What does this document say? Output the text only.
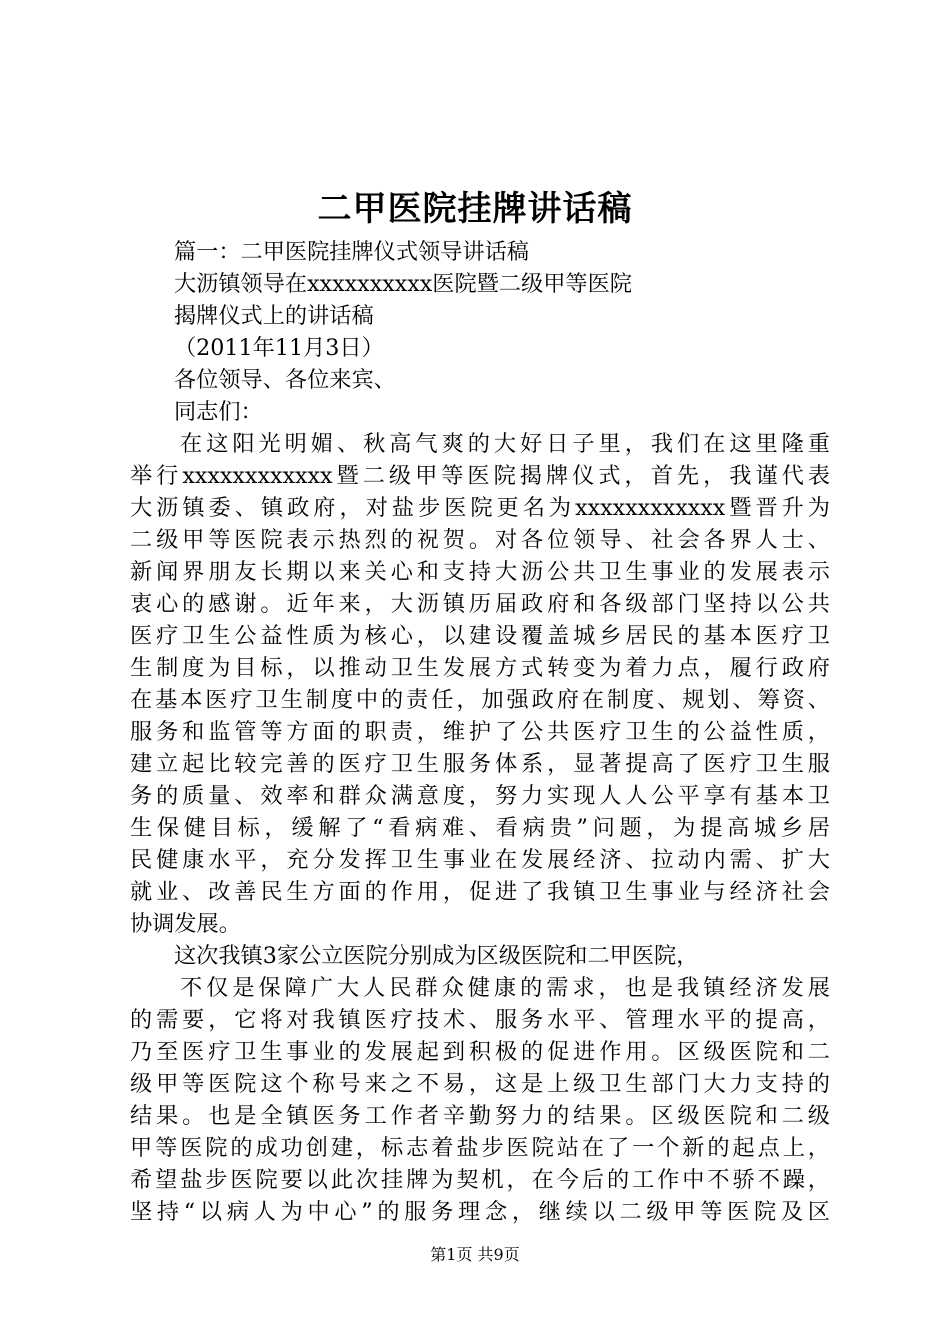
二甲医院挂牌讲话稿
篇一：二甲医院挂牌仪式领导讲话稿
大沥镇领导在xxxxxxxxxx医院暨二级甲等医院
揭牌仪式上的讲话稿
（2011年11月3日）
各位领导、各位来宾、
同志们：
在这阳光明媚、秋高气爽的大好日子里，我们在这里隆重
举行xxxxxxxxxxxx暨二级甲等医院揭牌仪式，首先，我谨代表
大沥镇委、镇政府，对盐步医院更名为xxxxxxxxxxxx暨晋升为
二级甲等医院表示热烈的祝贺。对各位领导、社会各界人士、
新闻界朋友长期以来关心和支持大沥公共卫生事业的发展表示
衷心的感谢。近年来，大沥镇历届政府和各级部门坚持以公共
医疗卫生公益性质为核心，以建设覆盖城乡居民的基本医疗卫
生制度为目标，以推动卫生发展方式转变为着力点，履行政府
在基本医疗卫生制度中的责任，加强政府在制度、规划、筹资、
服务和监管等方面的职责，维护了公共医疗卫生的公益性质，
建立起比较完善的医疗卫生服务体系，显著提高了医疗卫生服
务的质量、效率和群众满意度，努力实现人人公平享有基本卫
生保健目标，缓解了“看病难、看病贵”问题，为提高城乡居
民健康水平，充分发挥卫生事业在发展经济、拉动内需、扩大
就业、改善民生方面的作用，促进了我镇卫生事业与经济社会
协调发展。
这次我镇3家公立医院分别成为区级医院和二甲医院，
不仅是保障广大人民群众健康的需求，也是我镇经济发展
的需要，它将对我镇医疗技术、服务水平、管理水平的提高，
乃至医疗卫生事业的发展起到积极的促进作用。区级医院和二
级甲等医院这个称号来之不易，这是上级卫生部门大力支持的
结果。也是全镇医务工作者辛勤努力的结果。区级医院和二级
甲等医院的成功创建，标志着盐步医院站在了一个新的起点上，
希望盐步医院要以此次挂牌为契机，在今后的工作中不骄不躁，
坚持“以病人为中心”的服务理念，继续以二级甲等医院及区
第1页 共9页
